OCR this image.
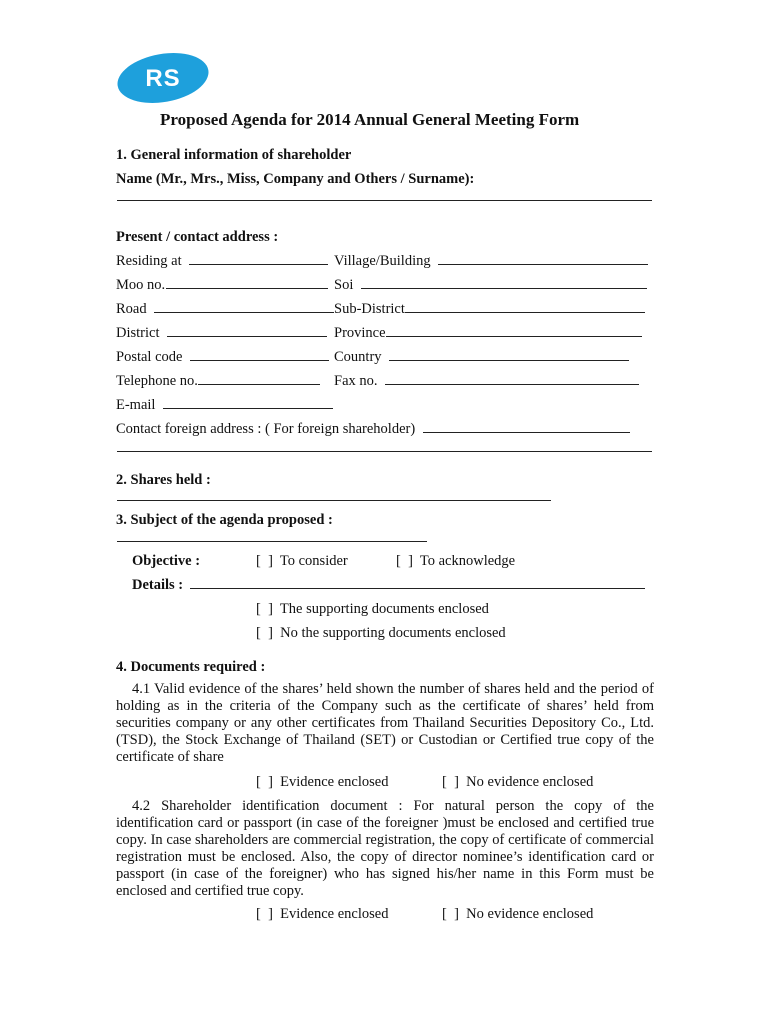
RS
Proposed Agenda for 2014 Annual General Meeting Form
1. General information of shareholder
Name (Mr., Mrs., Miss, Company and Others / Surname):
Present / contact address :
Residing at	Village/Building
Moo no.	Soi
Road	Sub-District
District	Province
Postal code	Country
Telephone no.	Fax no.
E-mail
Contact foreign address : ( For foreign shareholder)
2. Shares held :
3. Subject of the agenda proposed :
Objective :	[  ]  To consider	[  ]  To acknowledge
Details :
[  ]  The supporting documents enclosed
[  ]  No the supporting documents enclosed
4. Documents required :
4.1 Valid evidence of the shares’ held shown the number of shares held and the period of holding as in the criteria of the Company such as the certificate of shares’ held from securities company or any other certificates from Thailand Securities Depository Co., Ltd. (TSD), the Stock Exchange of Thailand (SET) or Custodian or Certified true copy of the certificate of share
[  ]  Evidence enclosed	[  ]  No evidence enclosed
4.2 Shareholder identification document : For natural person the copy of the identification card or passport (in case of the foreigner )must be enclosed and certified true copy. In case shareholders are commercial registration, the copy of certificate of commercial registration must be enclosed. Also, the copy of director nominee’s identification card or passport (in case of the foreigner) who has signed his/her name in this Form must be enclosed and certified true copy.
[  ]  Evidence enclosed	[  ]  No evidence enclosed
